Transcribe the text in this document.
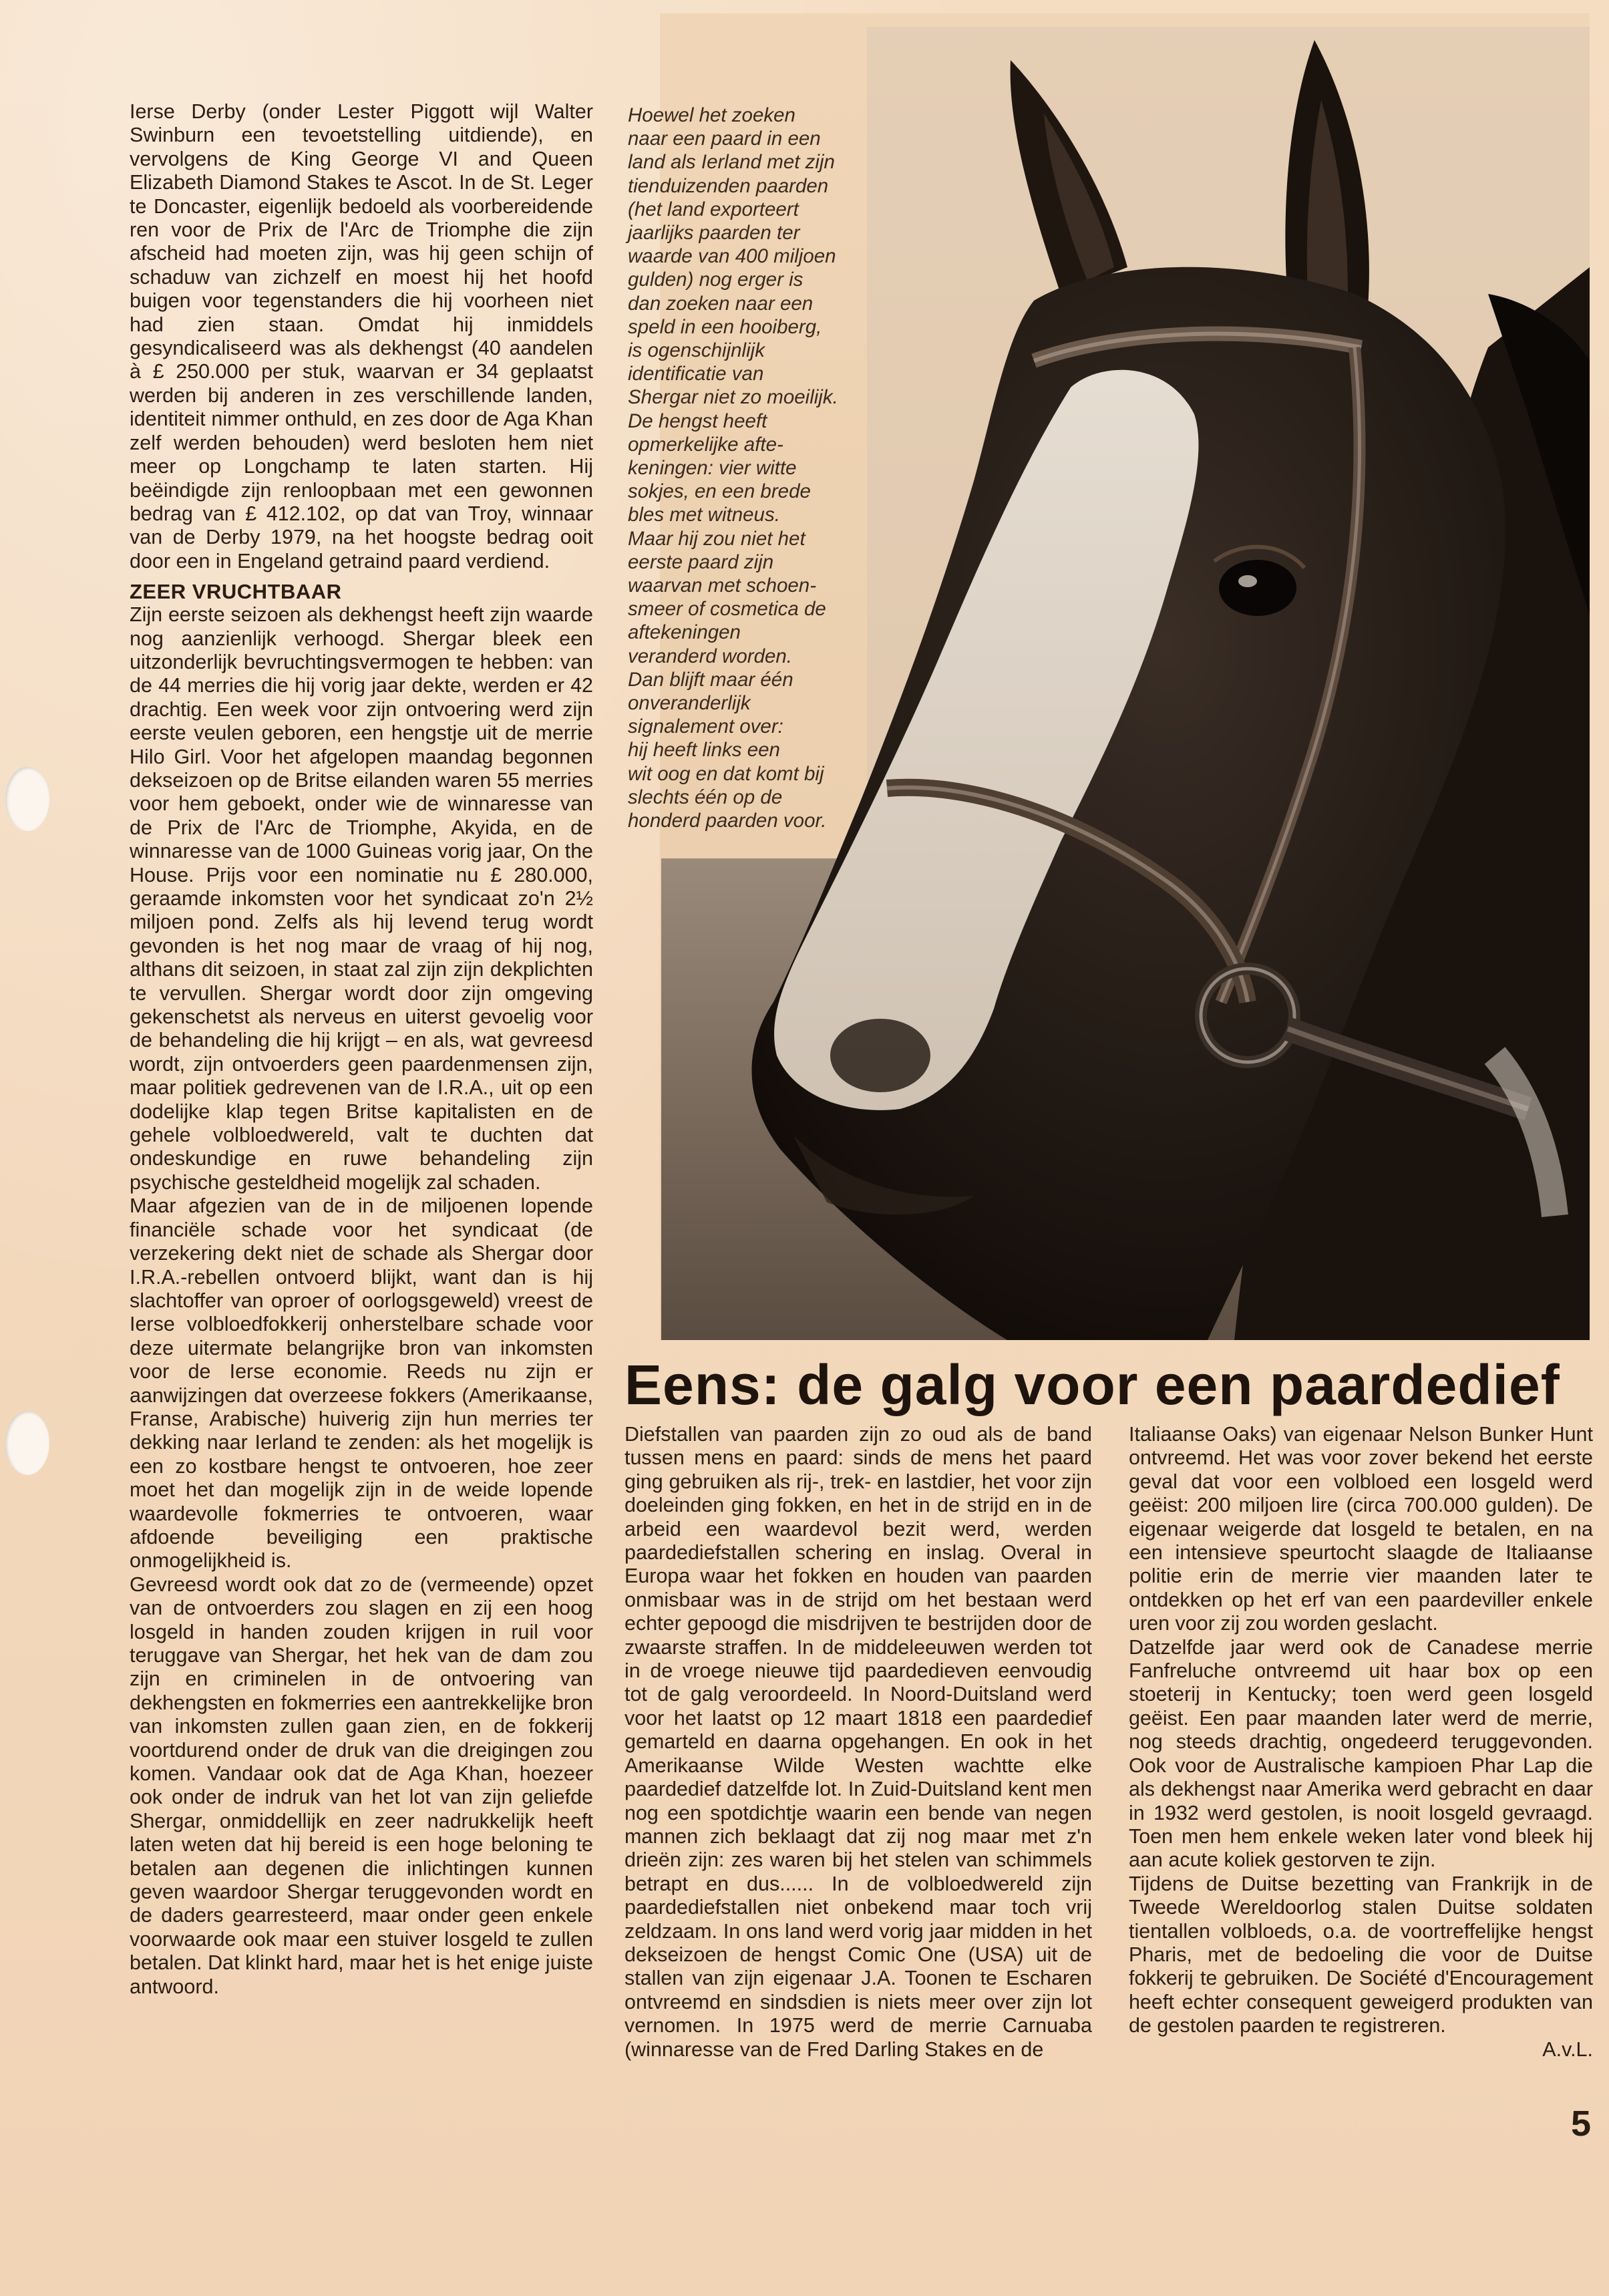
Ierse Derby (onder Lester Piggott wijl Walter Swinburn een tevoetstelling uitdiende), en vervolgens de King George VI and Queen Elizabeth Diamond Stakes te Ascot. In de St. Leger te Doncaster, eigenlijk bedoeld als voorbereidende ren voor de Prix de l'Arc de Triomphe die zijn afscheid had moeten zijn, was hij geen schijn of schaduw van zichzelf en moest hij het hoofd buigen voor tegenstanders die hij voorheen niet had zien staan. Omdat hij inmiddels gesyndicaliseerd was als dekhengst (40 aandelen à £ 250.000 per stuk, waarvan er 34 geplaatst werden bij anderen in zes verschillende landen, identiteit nimmer onthuld, en zes door de Aga Khan zelf werden behouden) werd besloten hem niet meer op Longchamp te laten starten. Hij beëindigde zijn renloopbaan met een gewonnen bedrag van £ 412.102, op dat van Troy, winnaar van de Derby 1979, na het hoogste bedrag ooit door een in Engeland getraind paard verdiend.

ZEER VRUCHTBAAR

Zijn eerste seizoen als dekhengst heeft zijn waarde nog aanzienlijk verhoogd. Shergar bleek een uitzonderlijk bevruchtingsvermogen te hebben: van de 44 merries die hij vorig jaar dekte, werden er 42 drachtig. Een week voor zijn ontvoering werd zijn eerste veulen geboren, een hengstje uit de merrie Hilo Girl. Voor het afgelopen maandag begonnen dekseizoen op de Britse eilanden waren 55 merries voor hem geboekt, onder wie de winnaresse van de Prix de l'Arc de Triomphe, Akyida, en de winnaresse van de 1000 Guineas vorig jaar, On the House. Prijs voor een nominatie nu £ 280.000, geraamde inkomsten voor het syndicaat zo'n 2½ miljoen pond. Zelfs als hij levend terug wordt gevonden is het nog maar de vraag of hij nog, althans dit seizoen, in staat zal zijn zijn dekplichten te vervullen. Shergar wordt door zijn omgeving gekenschetst als nerveus en uiterst gevoelig voor de behandeling die hij krijgt – en als, wat gevreesd wordt, zijn ontvoerders geen paardenmensen zijn, maar politiek gedrevenen van de I.R.A., uit op een dodelijke klap tegen Britse kapitalisten en de gehele volbloedwereld, valt te duchten dat ondeskundige en ruwe behandeling zijn psychische gesteldheid mogelijk zal schaden.

Maar afgezien van de in de miljoenen lopende financiële schade voor het syndicaat (de verzekering dekt niet de schade als Shergar door I.R.A.-rebellen ontvoerd blijkt, want dan is hij slachtoffer van oproer of oorlogsgeweld) vreest de Ierse volbloedfokkerij onherstelbare schade voor deze uitermate belangrijke bron van inkomsten voor de Ierse economie. Reeds nu zijn er aanwijzingen dat overzeese fokkers (Amerikaanse, Franse, Arabische) huiverig zijn hun merries ter dekking naar Ierland te zenden: als het mogelijk is een zo kostbare hengst te ontvoeren, hoe zeer moet het dan mogelijk zijn in de weide lopende waardevolle fokmerries te ontvoeren, waar afdoende beveiliging een praktische onmogelijkheid is.

Gevreesd wordt ook dat zo de (vermeende) opzet van de ontvoerders zou slagen en zij een hoog losgeld in handen zouden krijgen in ruil voor teruggave van Shergar, het hek van de dam zou zijn en criminelen in de ontvoering van dekhengsten en fokmerries een aantrekkelijke bron van inkomsten zullen gaan zien, en de fokkerij voortdurend onder de druk van die dreigingen zou komen. Vandaar ook dat de Aga Khan, hoezeer ook onder de indruk van het lot van zijn geliefde Shergar, onmiddellijk en zeer nadrukkelijk heeft laten weten dat hij bereid is een hoge beloning te betalen aan degenen die inlichtingen kunnen geven waardoor Shergar teruggevonden wordt en de daders gearresteerd, maar onder geen enkele voorwaarde ook maar een stuiver losgeld te zullen betalen. Dat klinkt hard, maar het is het enige juiste antwoord.

Hoewel het zoeken
naar een paard in een
land als Ierland met zijn
tienduizenden paarden
(het land exporteert
jaarlijks paarden ter
waarde van 400 miljoen
gulden) nog erger is
dan zoeken naar een
speld in een hooiberg,
is ogenschijnlijk
identificatie van
Shergar niet zo moeilijk.
De hengst heeft
opmerkelijke afte-
keningen: vier witte
sokjes, en een brede
bles met witneus.
Maar hij zou niet het
eerste paard zijn
waarvan met schoen-
smeer of cosmetica de
aftekeningen
veranderd worden.
Dan blijft maar één
onveranderlijk
signalement over:
hij heeft links een
wit oog en dat komt bij
slechts één op de
honderd paarden voor.
Eens: de galg voor een paardedief

Diefstallen van paarden zijn zo oud als de band tussen mens en paard: sinds de mens het paard ging gebruiken als rij-, trek- en lastdier, het voor zijn doeleinden ging fokken, en het in de strijd en in de arbeid een waardevol bezit werd, werden paardediefstallen schering en inslag. Overal in Europa waar het fokken en houden van paarden onmisbaar was in de strijd om het bestaan werd echter gepoogd die misdrijven te bestrijden door de zwaarste straffen. In de middeleeuwen werden tot in de vroege nieuwe tijd paardedieven eenvoudig tot de galg veroordeeld. In Noord-Duitsland werd voor het laatst op 12 maart 1818 een paardedief gemarteld en daarna opgehangen. En ook in het Amerikaanse Wilde Westen wachtte elke paardedief datzelfde lot. In Zuid-Duitsland kent men nog een spotdichtje waarin een bende van negen mannen zich beklaagt dat zij nog maar met z'n drieën zijn: zes waren bij het stelen van schimmels betrapt en dus...... In de volbloedwereld zijn paardediefstallen niet onbekend maar toch vrij zeldzaam. In ons land werd vorig jaar midden in het dekseizoen de hengst Comic One (USA) uit de stallen van zijn eigenaar J.A. Toonen te Escharen ontvreemd en sindsdien is niets meer over zijn lot vernomen. In 1975 werd de merrie Carnuaba (winnaresse van de Fred Darling Stakes en de

Italiaanse Oaks) van eigenaar Nelson Bunker Hunt ontvreemd. Het was voor zover bekend het eerste geval dat voor een volbloed een losgeld werd geëist: 200 miljoen lire (circa 700.000 gulden). De eigenaar weigerde dat losgeld te betalen, en na een intensieve speurtocht slaagde de Italiaanse politie erin de merrie vier maanden later te ontdekken op het erf van een paardeviller enkele uren voor zij zou worden geslacht.

Datzelfde jaar werd ook de Canadese merrie Fanfreluche ontvreemd uit haar box op een stoeterij in Kentucky; toen werd geen losgeld geëist. Een paar maanden later werd de merrie, nog steeds drachtig, ongedeerd teruggevonden. Ook voor de Australische kampioen Phar Lap die als dekhengst naar Amerika werd gebracht en daar in 1932 werd gestolen, is nooit losgeld gevraagd. Toen men hem enkele weken later vond bleek hij aan acute koliek gestorven te zijn.

Tijdens de Duitse bezetting van Frankrijk in de Tweede Wereldoorlog stalen Duitse soldaten tientallen volbloeds, o.a. de voortreffelijke hengst Pharis, met de bedoeling die voor de Duitse fokkerij te gebruiken. De Société d'Encouragement heeft echter consequent geweigerd produkten van de gestolen paarden te registreren.

A.v.L.
5
